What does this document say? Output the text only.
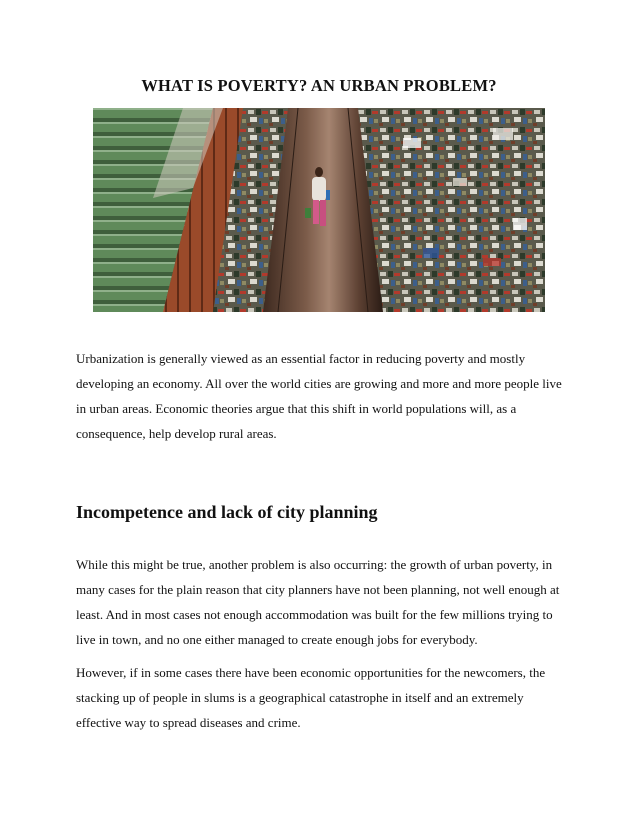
WHAT IS POVERTY? AN URBAN PROBLEM?

Urbanization is generally viewed as an essential factor in reducing poverty and mostly developing an economy. All over the world cities are growing and more and more people live in urban areas. Economic theories argue that this shift in world populations will, as a consequence, help develop rural areas.

Incompetence and lack of city planning

While this might be true, another problem is also occurring: the growth of urban poverty, in many cases for the plain reason that city planners have not been planning, not well enough at least. And in most cases not enough accommodation was built for the few millions trying to live in town, and no one either managed to create enough jobs for everybody.

However, if in some cases there have been economic opportunities for the newcomers, the stacking up of people in slums is a geographical catastrophe in itself and an extremely effective way to spread diseases and crime.
